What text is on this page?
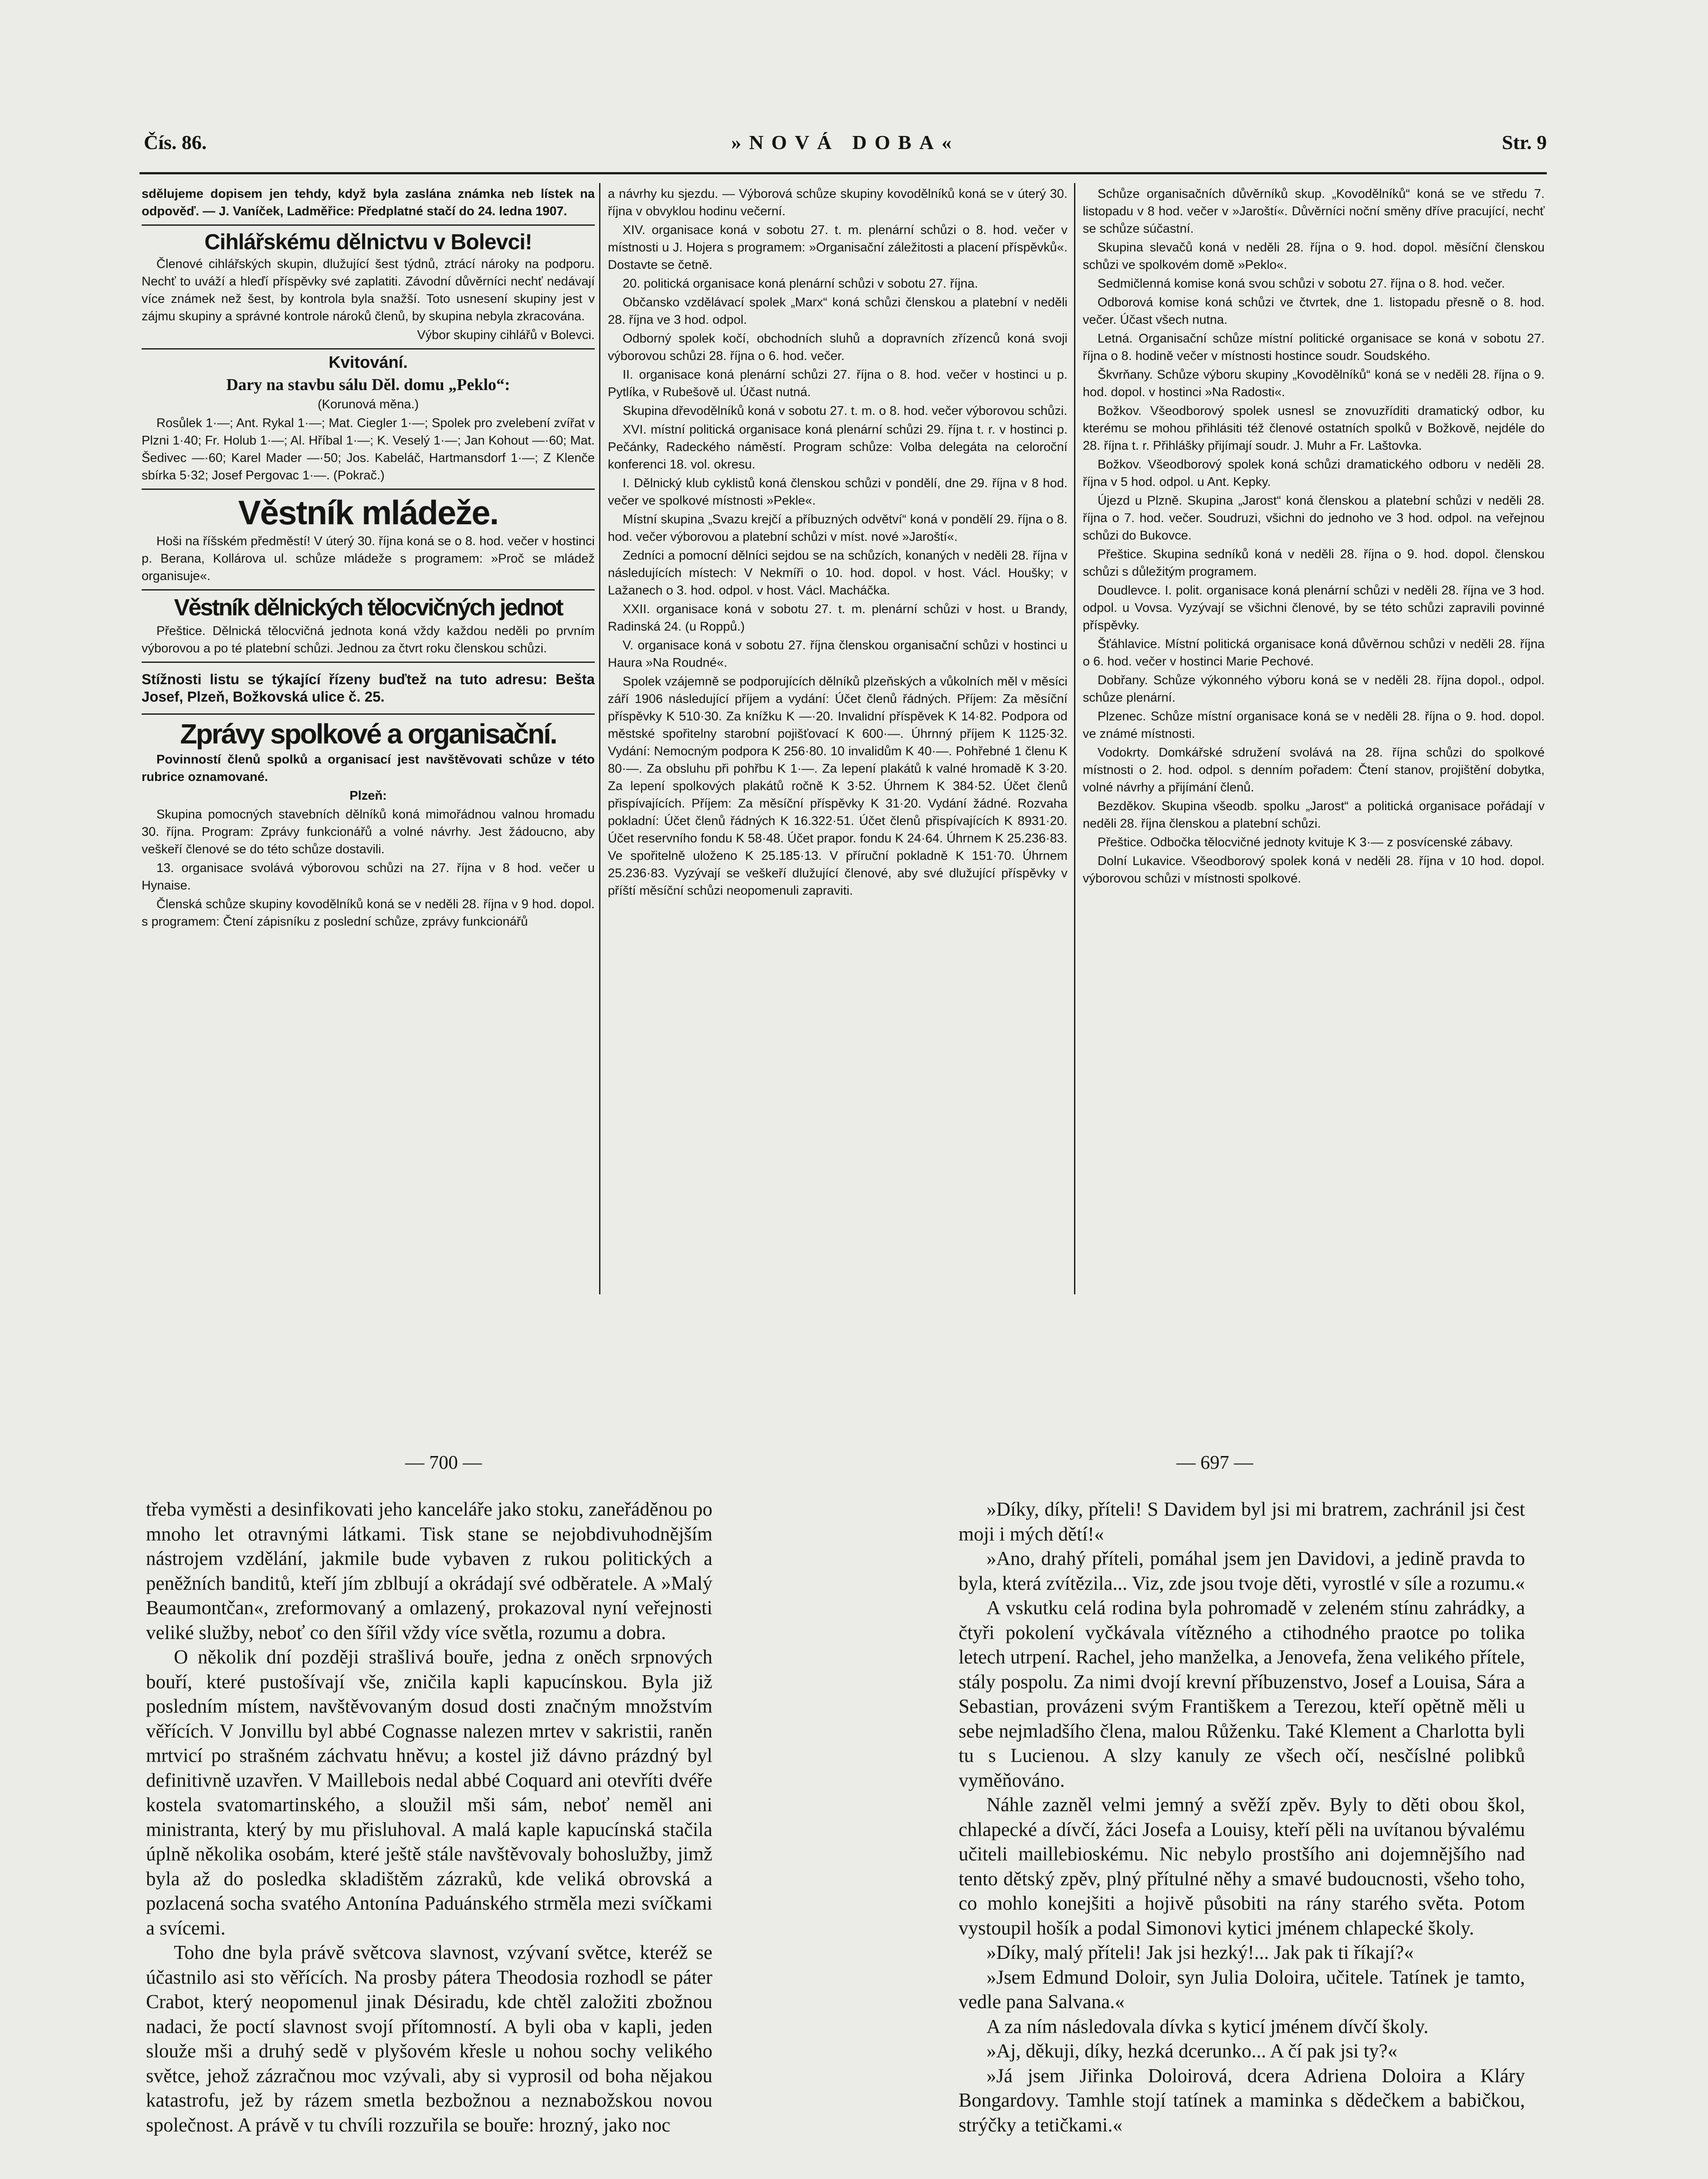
Čís. 86.	»NOVÁ DOBA«	Str. 9

sdělujeme dopisem jen tehdy, když byla zaslána známka neb lístek na odpověď. — J. Vaníček, Ladměřice: Předplatné stačí do 24. ledna 1907.

Cihlářskému dělnictvu v Bolevci!

Členové cihlářských skupin, dlužující šest týdnů, ztrácí nároky na podporu. Nechť to uváží a hleďí příspěvky své zaplatiti. Závodní důvěrníci nechť nedávají více známek než šest, by kontrola byla snažší. Toto usnesení skupiny jest v zájmu skupiny a správné kontrole nároků členů, by skupina nebyla zkracována.

Výbor skupiny cihlářů v Bolevci.

Kvitování.
Dary na stavbu sálu Děl. domu „Peklo“:

(Korunová měna.)

Rosůlek 1·—; Ant. Rykal 1·—; Mat. Ciegler 1·—; Spolek pro zvelebení zvířat v Plzni 1·40; Fr. Holub 1·—; Al. Hříbal 1·—; K. Veselý 1·—; Jan Kohout —·60; Mat. Šedivec —·60; Karel Mader —·50; Jos. Kabeláč, Hartmansdorf 1·—; Z Klenče sbírka 5·32; Josef Pergovac 1·—. (Pokrač.)

Věstník mládeže.

Hoši na říšském předměstí! V úterý 30. října koná se o 8. hod. večer v hostinci p. Berana, Kollárova ul. schůze mládeže s programem: »Proč se mládež organisuje«.

Věstník dělnických tělocvičných jednot

Přeštice. Dělnická tělocvičná jednota koná vždy každou neděli po prvním výborovou a po té platební schůzi. Jednou za čtvrt roku členskou schůzi.

Stížnosti listu se týkající řízeny buďtež na tuto adresu: Bešta Josef, Plzeň, Božkovská ulice č. 25.
Zprávy spolkové a organisační.

Povinností členů spolků a organisací jest navštěvovati schůze v této rubrice oznamované.

Plzeň:

Skupina pomocných stavebních dělníků koná mimořádnou valnou hromadu 30. října. Program: Zprávy funkcionářů a volné návrhy. Jest žádoucno, aby veškeří členové se do této schůze dostavili.

13. organisace svolává výborovou schůzi na 27. října v 8 hod. večer u Hynaise.

Členská schůze skupiny kovodělníků koná se v neděli 28. října v 9 hod. dopol. s programem: Čtení zápisníku z poslední schůze, zprávy funkcionářů

a návrhy ku sjezdu. — Výborová schůze skupiny kovodělníků koná se v úterý 30. října v obvyklou hodinu večerní.

XIV. organisace koná v sobotu 27. t. m. plenární schůzi o 8. hod. večer v místnosti u J. Hojera s programem: »Organisační záležitosti a placení příspěvků«. Dostavte se četně.

20. politická organisace koná plenární schůzi v sobotu 27. října.

Občansko vzdělávací spolek „Marx“ koná schůzi členskou a platební v neděli 28. října ve 3 hod. odpol.

Odborný spolek kočí, obchodních sluhů a dopravních zřízenců koná svoji výborovou schůzi 28. října o 6. hod. večer.

II. organisace koná plenární schůzi 27. října o 8. hod. večer v hostinci u p. Pytlíka, v Rubešově ul. Účast nutná.

Skupina dřevodělníků koná v sobotu 27. t. m. o 8. hod. večer výborovou schůzi.

XVI. místní politická organisace koná plenární schůzi 29. října t. r. v hostinci p. Pečánky, Radeckého náměstí. Program schůze: Volba delegáta na celoroční konferenci 18. vol. okresu.

I. Dělnický klub cyklistů koná členskou schůzi v pondělí, dne 29. října v 8 hod. večer ve spolkové místnosti »Pekle«.

Místní skupina „Svazu krejčí a příbuzných odvětví“ koná v pondělí 29. října o 8. hod. večer výborovou a platební schůzi v míst. nové »Jaroští«.

Zedníci a pomocní dělníci sejdou se na schůzích, konaných v neděli 28. října v následujících místech: V Nekmíři o 10. hod. dopol. v host. Václ. Houšky; v Lažanech o 3. hod. odpol. v host. Václ. Macháčka.

XXII. organisace koná v sobotu 27. t. m. plenární schůzi v host. u Brandy, Radinská 24. (u Roppů.)

V. organisace koná v sobotu 27. října členskou organisační schůzi v hostinci u Haura »Na Roudné«.

Spolek vzájemně se podporujících dělníků plzeňských a vůkolních měl v měsíci září 1906 následující příjem a vydání: Účet členů řádných. Příjem: Za měsíční příspěvky K 510·30. Za knížku K —·20. Invalidní příspěvek K 14·82. Podpora od městské spořitelny starobní pojišťovací K 600·—. Úhrnný příjem K 1125·32. Vydání: Nemocným podpora K 256·80. 10 invalidům K 40·—. Pohřebné 1 členu K 80·—. Za obsluhu při pohřbu K 1·—. Za lepení plakátů k valné hromadě K 3·20. Za lepení spolkových plakátů ročně K 3·52. Úhrnem K 384·52. Účet členů přispívajících. Příjem: Za měsíční příspěvky K 31·20. Vydání žádné. Rozvaha pokladní: Účet členů řádných K 16.322·51. Účet členů přispívajících K 8931·20. Účet reservního fondu K 58·48. Účet prapor. fondu K 24·64. Úhrnem K 25.236·83. Ve spořitelně uloženo K 25.185·13. V příruční pokladně K 151·70. Úhrnem 25.236·83. Vyzývají se veškeří dlužující členové, aby své dlužující příspěvky v příští měsíční schůzi neopomenuli zapraviti.

Schůze organisačních důvěrníků skup. „Kovodělníků“ koná se ve středu 7. listopadu v 8 hod. večer v »Jaroští«. Důvěrníci noční směny dříve pracující, nechť se schůze súčastní.

Skupina slevačů koná v neděli 28. října o 9. hod. dopol. měsíční členskou schůzi ve spolkovém domě »Peklo«.

Sedmičlenná komise koná svou schůzi v sobotu 27. října o 8. hod. večer.

Odborová komise koná schůzi ve čtvrtek, dne 1. listopadu přesně o 8. hod. večer. Účast všech nutna.

Letná. Organisační schůze místní politické organisace se koná v sobotu 27. října o 8. hodině večer v místnosti hostince soudr. Soudského.

Škvrňany. Schůze výboru skupiny „Kovodělníků“ koná se v neděli 28. října o 9. hod. dopol. v hostinci »Na Radosti«.

Božkov. Všeodborový spolek usnesl se znovuzříditi dramatický odbor, ku kterému se mohou přihlásiti též členové ostatních spolků v Božkově, nejdéle do 28. října t. r. Přihlášky přijímají soudr. J. Muhr a Fr. Laštovka.

Božkov. Všeodborový spolek koná schůzi dramatického odboru v neděli 28. října v 5 hod. odpol. u Ant. Kepky.

Újezd u Plzně. Skupina „Jarost“ koná členskou a platební schůzi v neděli 28. října o 7. hod. večer. Soudruzi, všichni do jednoho ve 3 hod. odpol. na veřejnou schůzi do Bukovce.

Přeštice. Skupina sedníků koná v neděli 28. října o 9. hod. dopol. členskou schůzi s důležitým programem.

Doudlevce. I. polit. organisace koná plenární schůzi v neděli 28. října ve 3 hod. odpol. u Vovsa. Vyzývají se všichni členové, by se této schůzi zapravili povinné příspěvky.

Šťáhlavice. Místní politická organisace koná důvěrnou schůzi v neděli 28. října o 6. hod. večer v hostinci Marie Pechové.

Dobřany. Schůze výkonného výboru koná se v neděli 28. října dopol., odpol. schůze plenární.

Plzenec. Schůze místní organisace koná se v neděli 28. října o 9. hod. dopol. ve známé místnosti.

Vodokrty. Domkářské sdružení svolává na 28. října schůzi do spolkové místnosti o 2. hod. odpol. s denním pořadem: Čtení stanov, projištění dobytka, volné návrhy a přijímání členů.

Bezděkov. Skupina všeodb. spolku „Jarost“ a politická organisace pořádají v neděli 28. října členskou a platební schůzi.

Přeštice. Odbočka tělocvičné jednoty kvituje K 3·— z posvícenské zábavy.

Dolní Lukavice. Všeodborový spolek koná v neděli 28. října v 10 hod. dopol. výborovou schůzi v místnosti spolkové.

— 700 —	— 697 —

třeba vyměsti a desinfikovati jeho kanceláře jako stoku, zaneřáděnou po mnoho let otravnými látkami. Tisk stane se nejobdivuhodnějším nástrojem vzdělání, jakmile bude vybaven z rukou politických a peněžních banditů, kteří jím zblbují a okrádají své odběratele. A »Malý Beaumontčan«, zreformovaný a omlazený, prokazoval nyní veřejnosti veliké služby, neboť co den šířil vždy více světla, rozumu a dobra.

O několik dní později strašlivá bouře, jedna z oněch srpnových bouří, které pustošívají vše, zničila kapli kapucínskou. Byla již posledním místem, navštěvovaným dosud dosti značným množstvím věřících. V Jonvillu byl abbé Cognasse nalezen mrtev v sakristii, raněn mrtvicí po strašném záchvatu hněvu; a kostel již dávno prázdný byl definitivně uzavřen. V Maillebois nedal abbé Coquard ani otevříti dvéře kostela svatomartinského, a sloužil mši sám, neboť neměl ani ministranta, který by mu přisluhoval. A malá kaple kapucínská stačila úplně několika osobám, které ještě stále navštěvovaly bohoslužby, jimž byla až do posledka skladištěm zázraků, kde veliká obrovská a pozlacená socha svatého Antonína Paduánského strměla mezi svíčkami a svícemi.

Toho dne byla právě světcova slavnost, vzývaní světce, kteréž se účastnilo asi sto věřících. Na prosby pátera Theodosia rozhodl se páter Crabot, který neopomenul jinak Désiradu, kde chtěl založiti zbožnou nadaci, že poctí slavnost svojí přítomností. A byli oba v kapli, jeden slouže mši a druhý sedě v plyšovém křesle u nohou sochy velikého světce, jehož zázračnou moc vzývali, aby si vyprosil od boha nějakou katastrofu, jež by rázem smetla bezbožnou a neznabožskou novou společnost. A právě v tu chvíli rozzuřila se bouře: hrozný, jako noc

»Díky, díky, příteli! S Davidem byl jsi mi bratrem, zachránil jsi čest moji i mých dětí!«

»Ano, drahý příteli, pomáhal jsem jen Davidovi, a jedině pravda to byla, která zvítězila... Viz, zde jsou tvoje děti, vyrostlé v síle a rozumu.«

A vskutku celá rodina byla pohromadě v zeleném stínu zahrádky, a čtyři pokolení vyčkávala vítězného a ctihodného praotce po tolika letech utrpení. Rachel, jeho manželka, a Jenovefa, žena velikého přítele, stály pospolu. Za nimi dvojí krevní příbuzenstvo, Josef a Louisa, Sára a Sebastian, provázeni svým Františkem a Terezou, kteří opětně měli u sebe nejmladšího člena, malou Růženku. Také Klement a Charlotta byli tu s Lucienou. A slzy kanuly ze všech očí, nesčíslné polibků vyměňováno.

Náhle zazněl velmi jemný a svěží zpěv. Byly to děti obou škol, chlapecké a dívčí, žáci Josefa a Louisy, kteří pěli na uvítanou bývalému učiteli maillebioskému. Nic nebylo prostšího ani dojemnějšího nad tento dětský zpěv, plný přítulné něhy a smavé budoucnosti, všeho toho, co mohlo konejšiti a hojivě působiti na rány starého světa. Potom vystoupil hošík a podal Simonovi kytici jménem chlapecké školy.

»Díky, malý příteli! Jak jsi hezký!... Jak pak ti říkají?«

»Jsem Edmund Doloir, syn Julia Doloira, učitele. Tatínek je tamto, vedle pana Salvana.«

A za ním následovala dívka s kyticí jménem dívčí školy.

»Aj, děkuji, díky, hezká dcerunko... A čí pak jsi ty?«

»Já jsem Jiřinka Doloirová, dcera Adriena Doloira a Kláry Bongardovy. Tamhle stojí tatínek a maminka s dědečkem a babičkou, strýčky a tetičkami.«
